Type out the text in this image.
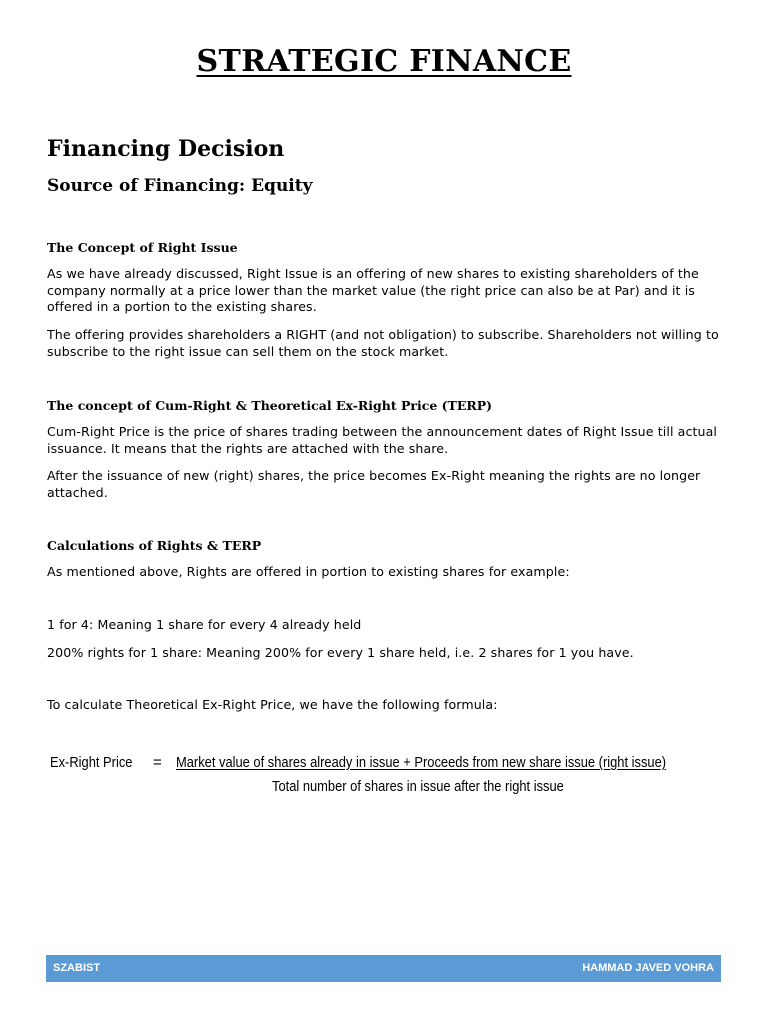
STRATEGIC FINANCE
Financing Decision
Source of Financing: Equity
The Concept of Right Issue

As we have already discussed, Right Issue is an offering of new shares to existing shareholders of the company normally at a price lower than the market value (the right price can also be at Par) and it is offered in a portion to the existing shares.

The offering provides shareholders a RIGHT (and not obligation) to subscribe. Shareholders not willing to subscribe to the right issue can sell them on the stock market.

The concept of Cum-Right & Theoretical Ex-Right Price (TERP)

Cum-Right Price is the price of shares trading between the announcement dates of Right Issue till actual issuance. It means that the rights are attached with the share.

After the issuance of new (right) shares, the price becomes Ex-Right meaning the rights are no longer attached.

Calculations of Rights & TERP

As mentioned above, Rights are offered in portion to existing shares for example:

1 for 4: Meaning 1 share for every 4 already held

200% rights for 1 share: Meaning 200% for every 1 share held, i.e. 2 shares for 1 you have.

To calculate Theoretical Ex-Right Price, we have the following formula:

Ex-Right Price = Market value of shares already in issue + Proceeds from new share issue (right issue)
Total number of shares in issue after the right issue
SZABIST	HAMMAD JAVED VOHRA
